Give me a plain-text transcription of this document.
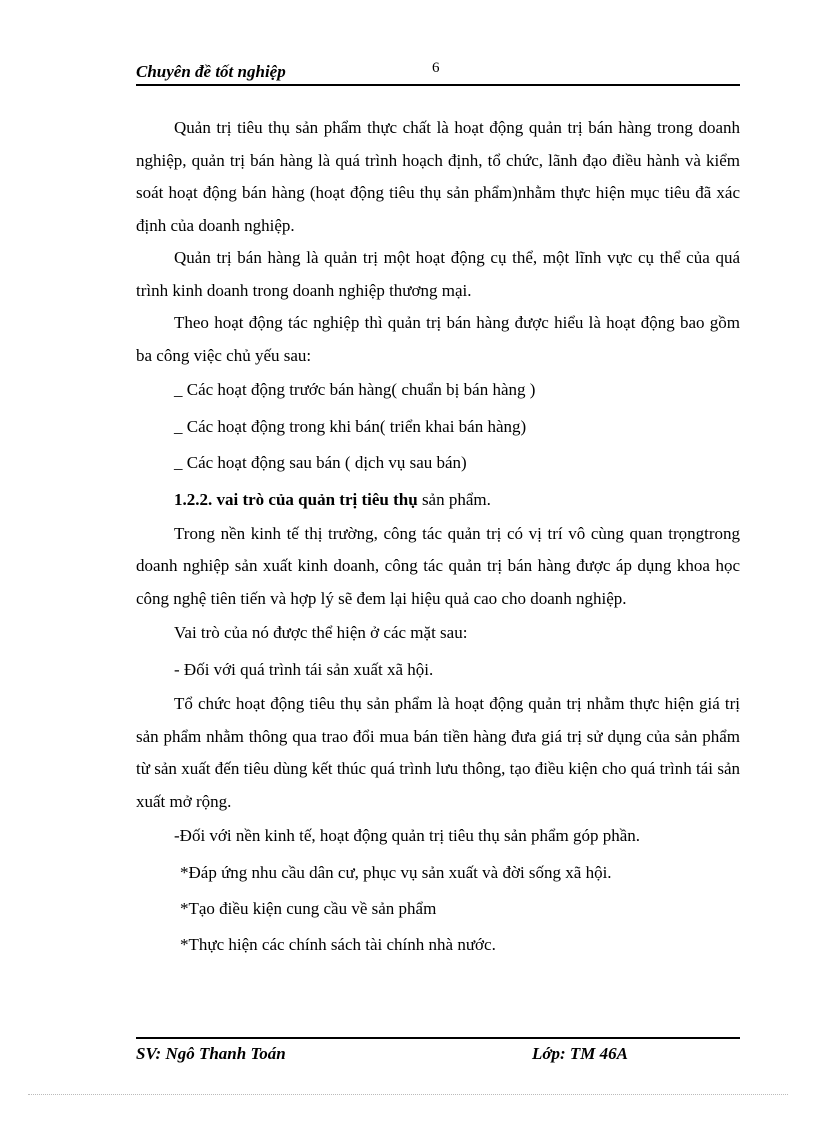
Chuyên đề tốt nghiệp	6

Quản trị tiêu thụ sản phẩm thực chất là hoạt động quản trị bán hàng trong doanh nghiệp, quản trị bán hàng là quá trình hoạch định, tổ chức, lãnh đạo điều hành và kiểm soát hoạt động bán hàng (hoạt động tiêu thụ sản phẩm)nhằm thực hiện mục tiêu đã xác định của doanh nghiệp.

Quản trị bán hàng là quản trị một hoạt động cụ thể, một lĩnh vực cụ thể của quá trình kinh doanh trong doanh nghiệp thương mại.

Theo hoạt động tác nghiệp thì quản trị bán hàng được hiểu là hoạt động bao gồm ba công việc chủ yếu sau:

_ Các hoạt động trước bán hàng( chuẩn bị bán hàng )

_ Các hoạt động trong khi bán( triển khai bán hàng)

_ Các hoạt động sau bán ( dịch vụ sau bán)

1.2.2. vai trò của quản trị tiêu thụ sản phẩm.

Trong nền kinh tế thị trường, công tác quản trị có vị trí vô cùng quan trọngtrong doanh nghiệp sản xuất kinh doanh, công tác quản trị bán hàng được áp dụng khoa học công nghệ tiên tiến và hợp lý sẽ đem lại hiệu quả cao cho doanh nghiệp.

Vai trò của nó được thể hiện ở các mặt sau:

- Đối với quá trình tái sản xuất xã hội.

Tổ chức hoạt động tiêu thụ sản phẩm là hoạt động quản trị nhằm thực hiện giá trị sản phẩm nhằm thông qua trao đổi mua bán tiền hàng đưa giá trị sử dụng của sản phẩm từ sản xuất đến tiêu dùng kết thúc quá trình lưu thông, tạo điều kiện cho quá trình tái sản xuất mở rộng.

-Đối với nền kinh tế, hoạt động quản trị tiêu thụ sản phẩm góp phần.

*Đáp ứng nhu cầu dân cư, phục vụ sản xuất và đời sống xã hội.

*Tạo điều kiện cung cầu về sản phẩm

*Thực hiện các chính sách tài chính nhà nước.

SV: Ngô Thanh Toán	Lớp: TM 46A
